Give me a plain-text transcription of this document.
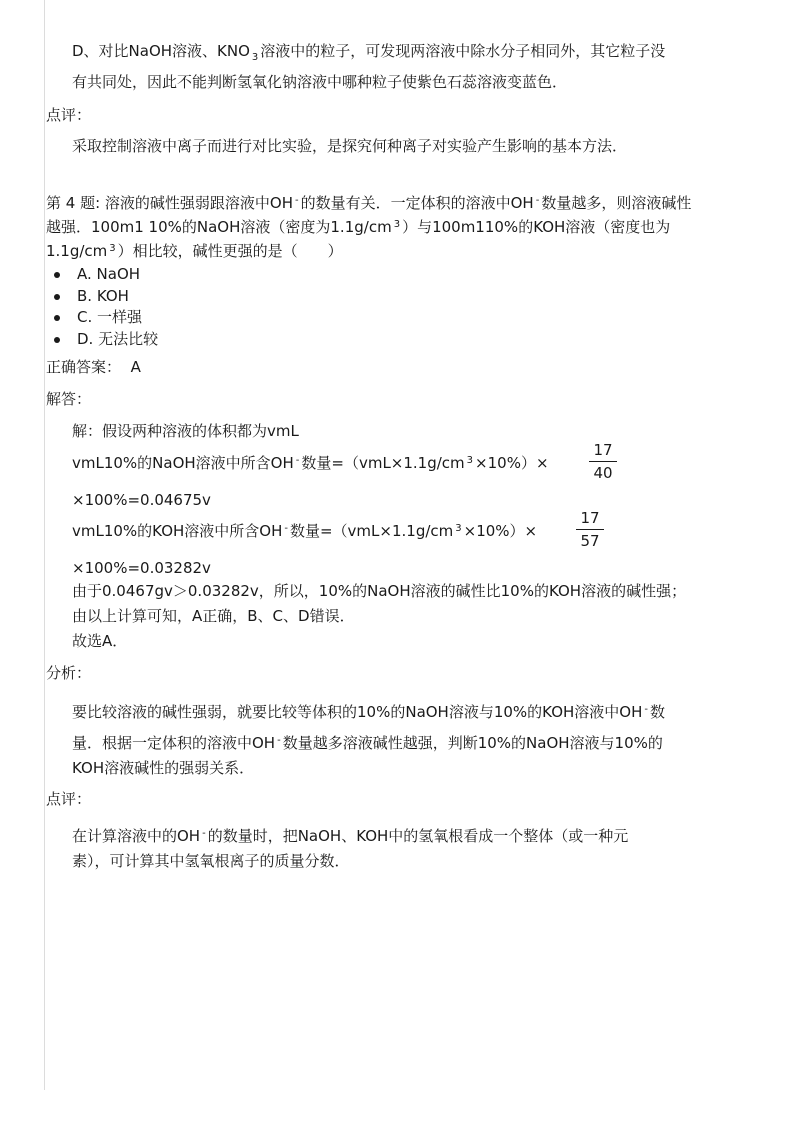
D、对比NaOH溶液、KNO $_3$ 溶液中的粒子，可发现两溶液中除水分子相同外，其它粒子没
有共同处，因此不能判断氢氧化钠溶液中哪种粒子使紫色石蕊溶液变蓝色．
点评：
采取控制溶液中离子而进行对比实验，是探究何种离子对实验产生影响的基本方法．
第 4 题: 溶液的碱性强弱跟溶液中OH - 的数量有关．一定体积的溶液中OH - 数量越多，则溶液碱性
越强．100m1 10%的NaOH溶液（密度为1.1g/cm $^3$ ）与100m110%的KOH溶液（密度也为
1.1g/cm $^3$ ）相比较，碱性更强的是（　　）
A. NaOH
B. KOH
C. 一样强
D. 无法比较
正确答案： A
解答：
解：假设两种溶液的体积都为vmL
vmL10%的NaOH溶液中所含OH - 数量=（vmL×1.1g/cm $^3$ ×10%）×
17
40
×100%=0.04675v
vmL10%的KOH溶液中所含OH - 数量=（vmL×1.1g/cm $^3$ ×10%）×
17
57
×100%=0.03282v
由于0.0467gv＞0.03282v，所以，10%的NaOH溶液的碱性比10%的KOH溶液的碱性强；
由以上计算可知，A正确，B、C、D错误．
故选A．
分析：
要比较溶液的碱性强弱，就要比较等体积的10%的NaOH溶液与10%的KOH溶液中OH - 数
量．根据一定体积的溶液中OH - 数量越多溶液碱性越强，判断10%的NaOH溶液与10%的
KOH溶液碱性的强弱关系．
点评：
在计算溶液中的OH - 的数量时，把NaOH、KOH中的氢氧根看成一个整体（或一种元
素），可计算其中氢氧根离子的质量分数．
